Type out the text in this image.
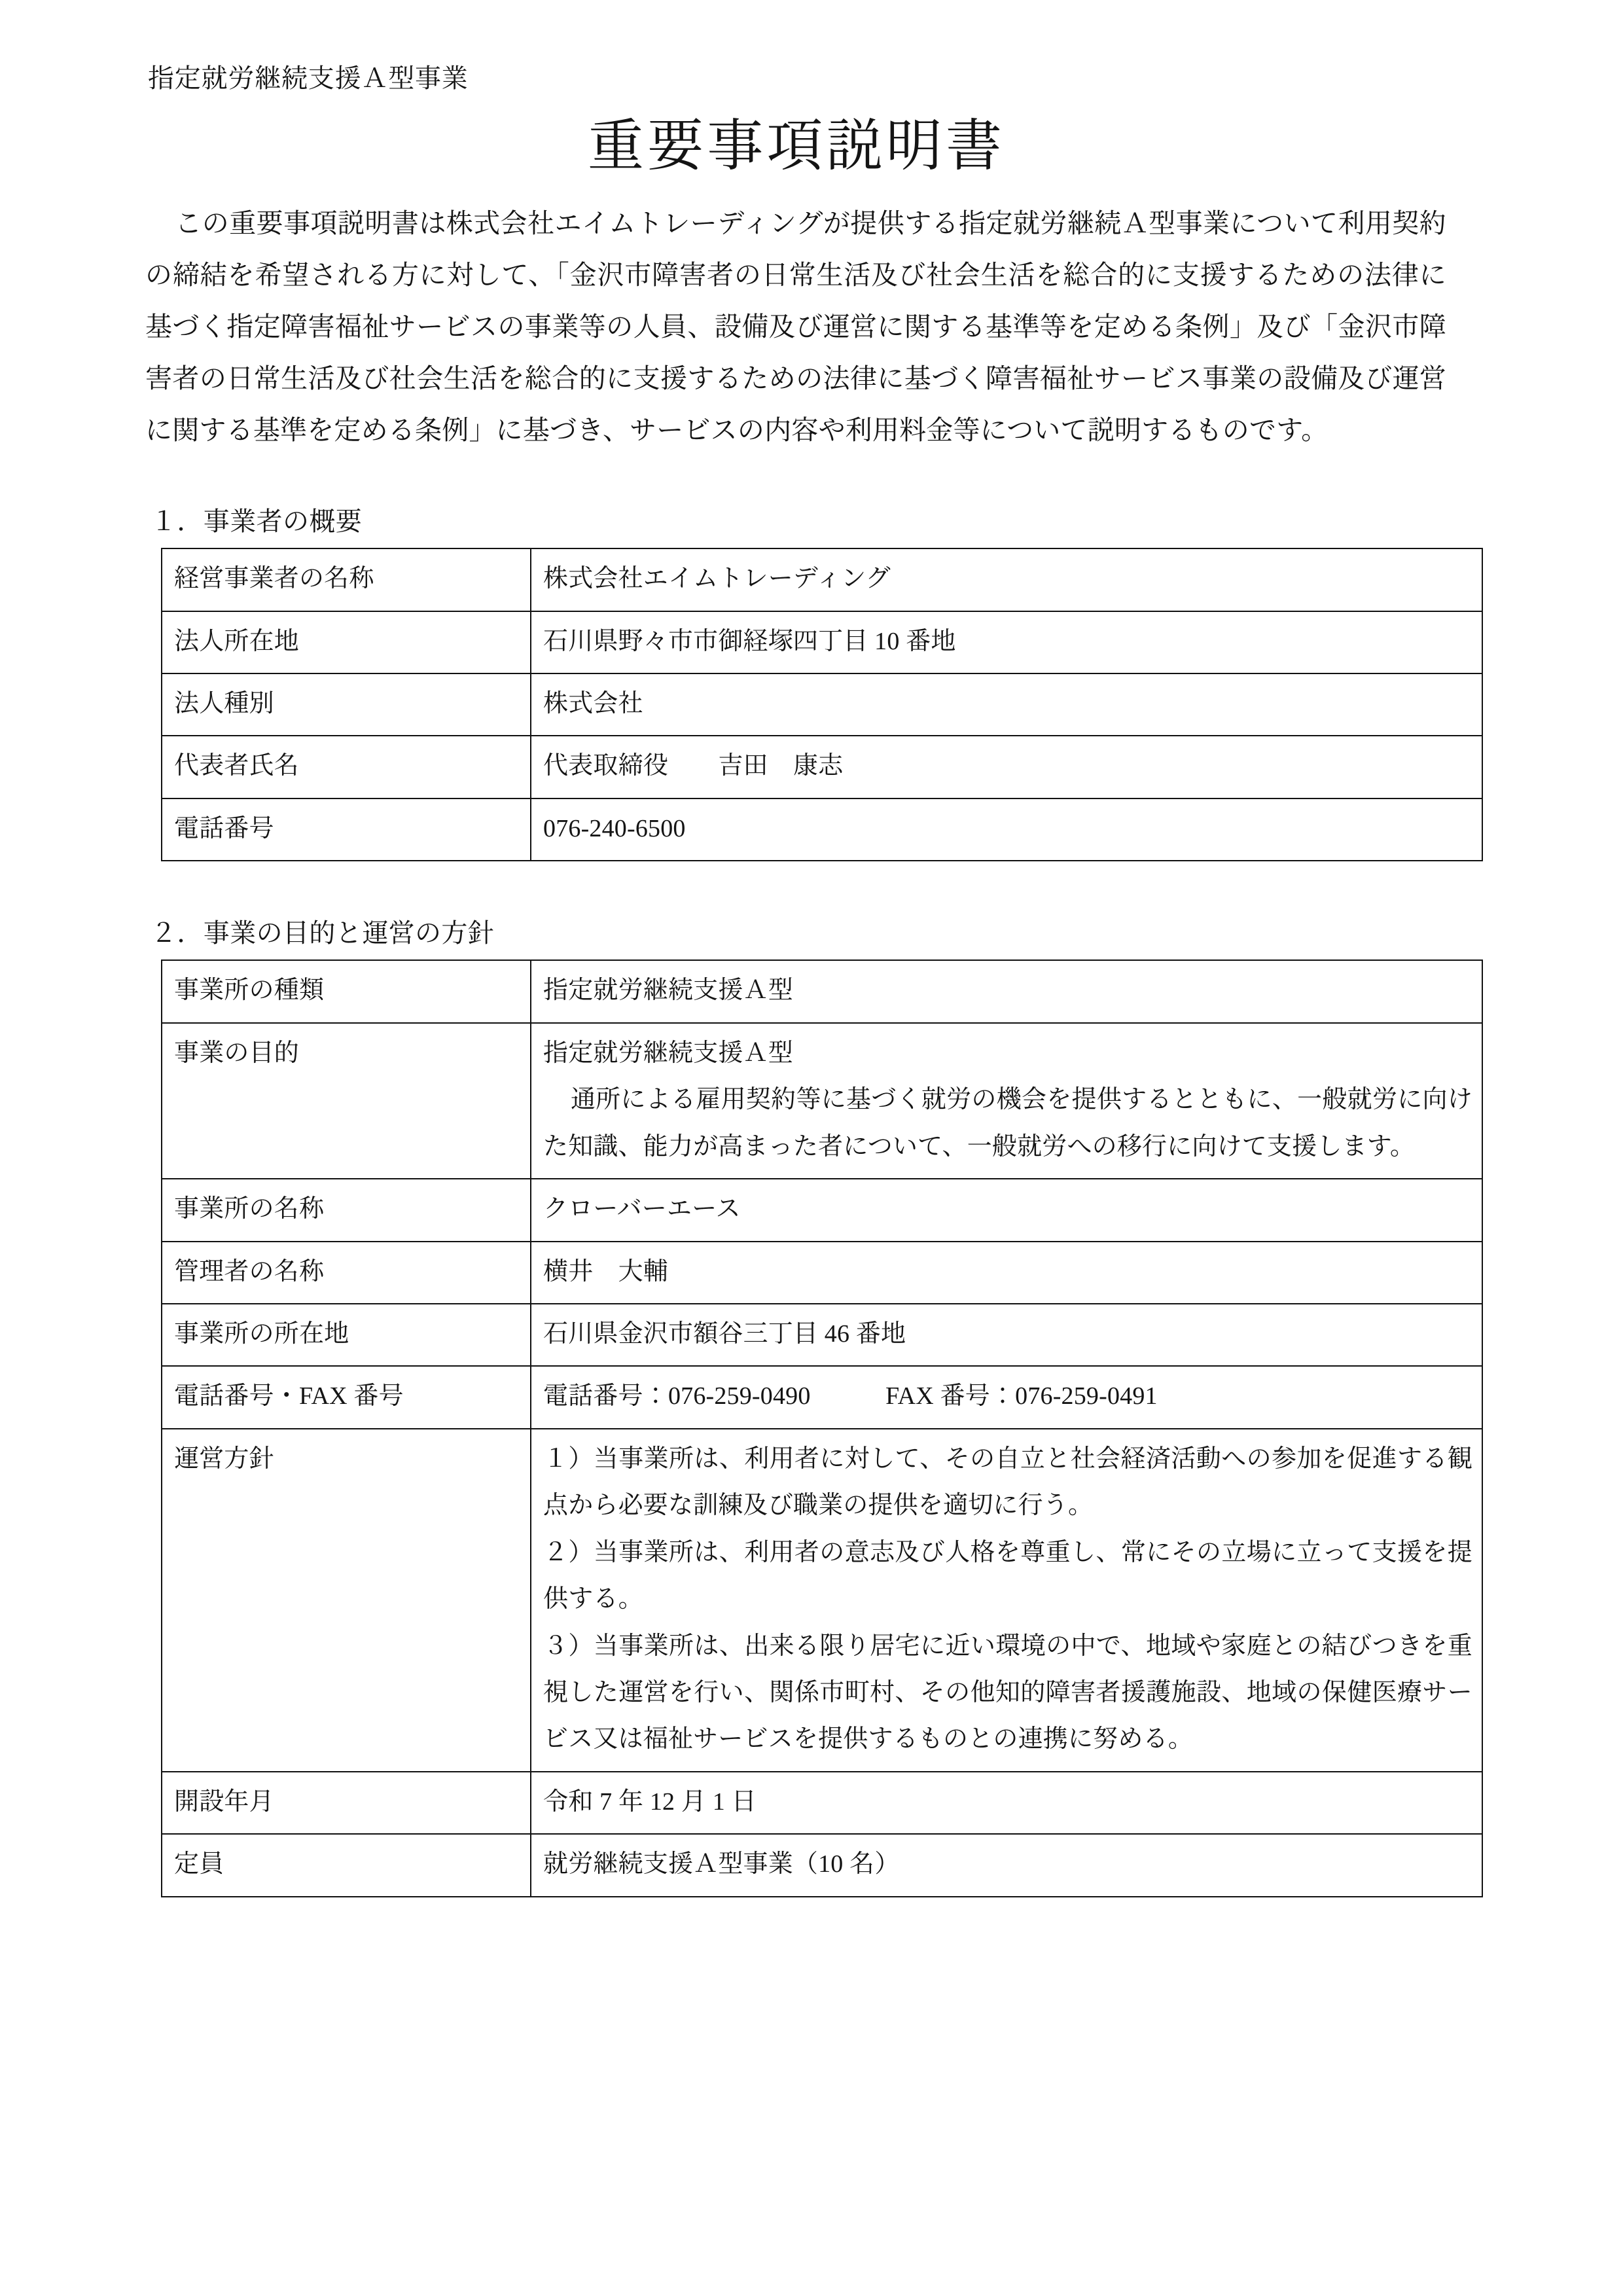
指定就労継続支援Ａ型事業
重要事項説明書

この重要事項説明書は株式会社エイムトレーディングが提供する指定就労継続Ａ型事業について利用契約の締結を希望される方に対して、「金沢市障害者の日常生活及び社会生活を総合的に支援するための法律に基づく指定障害福祉サービスの事業等の人員、設備及び運営に関する基準等を定める条例」及び「金沢市障害者の日常生活及び社会生活を総合的に支援するための法律に基づく障害福祉サービス事業の設備及び運営に関する基準を定める条例」に基づき、サービスの内容や利用料金等について説明するものです。

１．事業者の概要
経営事業者の名称	株式会社エイムトレーディング
法人所在地	石川県野々市市御経塚四丁目 10 番地
法人種別	株式会社
代表者氏名	代表取締役　　吉田　康志
電話番号	076-240-6500
２．事業の目的と運営の方針
事業所の種類	指定就労継続支援Ａ型
事業の目的	指定就労継続支援Ａ型
通所による雇用契約等に基づく就労の機会を提供するとともに、一般就労に向けた知識、能力が高まった者について、一般就労への移行に向けて支援します。

事業所の名称	クローバーエース
管理者の名称	横井　大輔
事業所の所在地	石川県金沢市額谷三丁目 46 番地
電話番号・FAX 番号	電話番号：076-259-0490　　　FAX 番号：076-259-0491
運営方針	１）当事業所は、利用者に対して、その自立と社会経済活動への参加を促進する観点から必要な訓練及び職業の提供を適切に行う。
２）当事業所は、利用者の意志及び人格を尊重し、常にその立場に立って支援を提供する。
３）当事業所は、出来る限り居宅に近い環境の中で、地域や家庭との結びつきを重視した運営を行い、関係市町村、その他知的障害者援護施設、地域の保健医療サービス又は福祉サービスを提供するものとの連携に努める。

開設年月	令和 7 年 12 月 1 日
定員	就労継続支援Ａ型事業（10 名）
